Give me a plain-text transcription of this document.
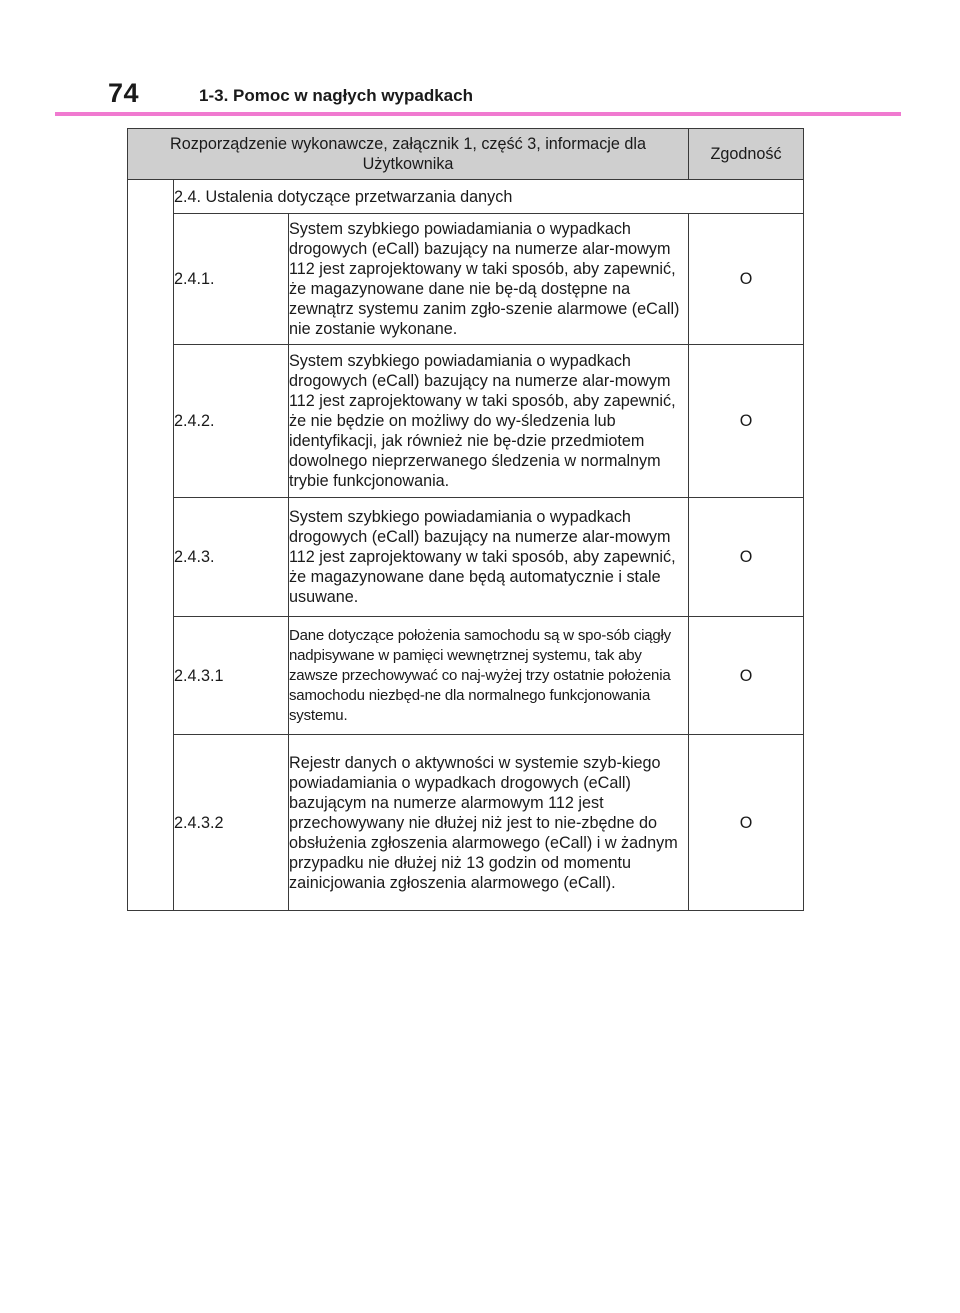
74	1-3. Pomoc w nagłych wypadkach
Rozporządzenie wykonawcze, załącznik 1, część 3, informacje dla Użytkownika			Zgodność
	2.4. Ustalenia dotyczące przetwarzania danych		
	2.4.1.	System szybkiego powiadamiania o wypadkach drogowych (eCall) bazujący na numerze alar-mowym 112 jest zaprojektowany w taki sposób, aby zapewnić, że magazynowane dane nie bę-dą dostępne na zewnątrz systemu zanim zgło-szenie alarmowe (eCall) nie zostanie wykonane.	O
	2.4.2.	System szybkiego powiadamiania o wypadkach drogowych (eCall) bazujący na numerze alar-mowym 112 jest zaprojektowany w taki sposób, aby zapewnić, że nie będzie on możliwy do wy-śledzenia lub identyfikacji, jak również nie bę-dzie przedmiotem dowolnego nieprzerwanego śledzenia w normalnym trybie funkcjonowania.	O
	2.4.3.	System szybkiego powiadamiania o wypadkach drogowych (eCall) bazujący na numerze alar-mowym 112 jest zaprojektowany w taki sposób, aby zapewnić, że magazynowane dane będą automatycznie i stale usuwane.	O
	2.4.3.1	Dane dotyczące położenia samochodu są w spo-sób ciągły nadpisywane w pamięci wewnętrznej systemu, tak aby zawsze przechowywać co naj-wyżej trzy ostatnie położenia samochodu niezbęd-ne dla normalnego funkcjonowania systemu.	O
	2.4.3.2	Rejestr danych o aktywności w systemie szyb-kiego powiadamiania o wypadkach drogowych (eCall) bazującym na numerze alarmowym 112 jest przechowywany nie dłużej niż jest to nie-zbędne do obsłużenia zgłoszenia alarmowego (eCall) i w żadnym przypadku nie dłużej niż 13 godzin od momentu zainicjowania zgłoszenia alarmowego (eCall).	O
